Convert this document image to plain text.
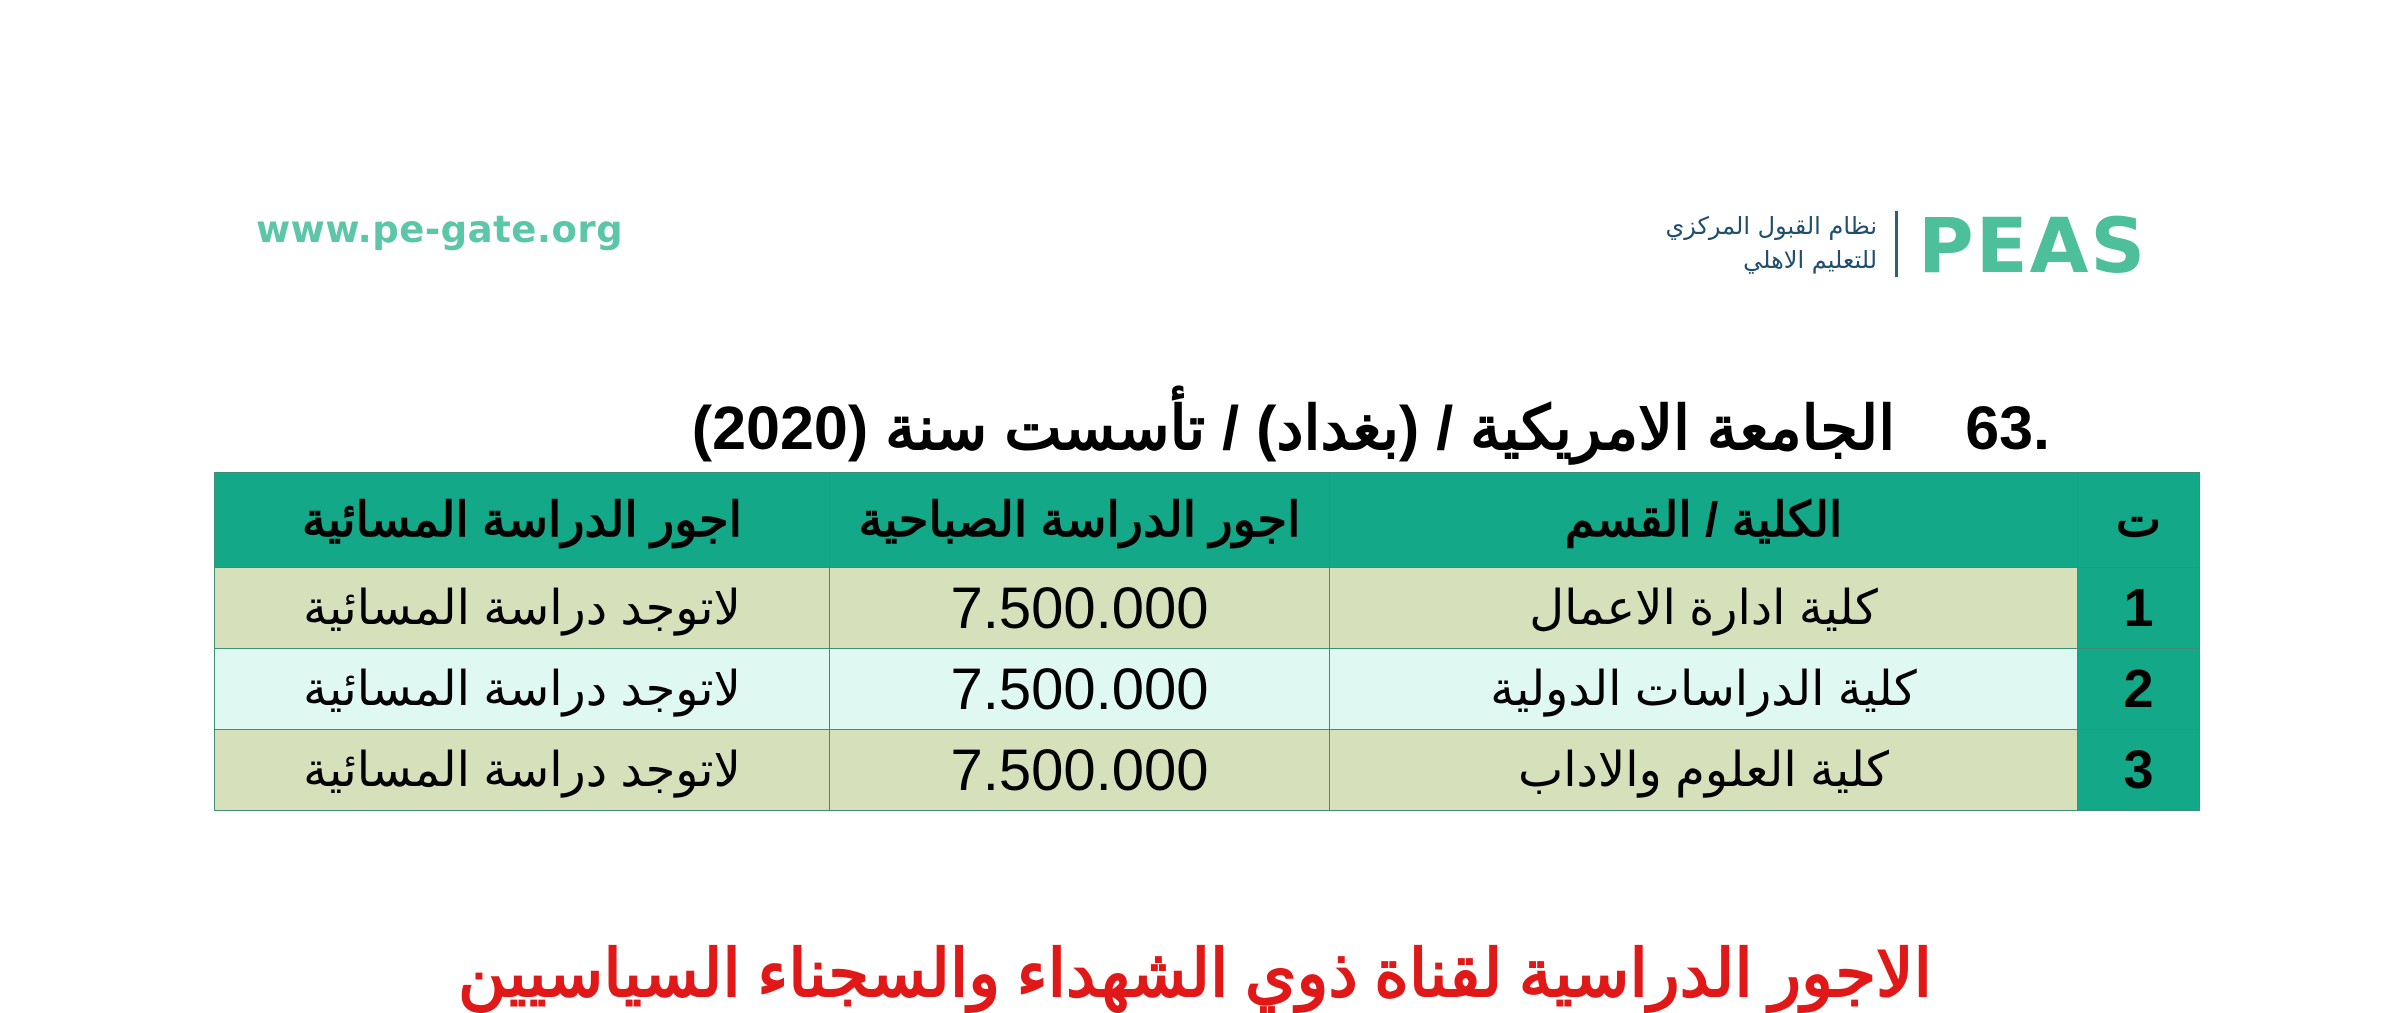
www.pe-gate.org	نظام القبول المركزي
للتعليم الاهلي PEAS
.63الجامعة الامريكية / (بغداد) / تأسست سنة (2020)
ت	الكلية / القسم	اجور الدراسة الصباحية	اجور الدراسة المسائية
1	كلية ادارة الاعمال	7.500.000	لاتوجد دراسة المسائية
2	كلية الدراسات الدولية	7.500.000	لاتوجد دراسة المسائية
3	كلية العلوم والاداب	7.500.000	لاتوجد دراسة المسائية
الاجور الدراسية لقناة ذوي الشهداء والسجناء السياسيين
